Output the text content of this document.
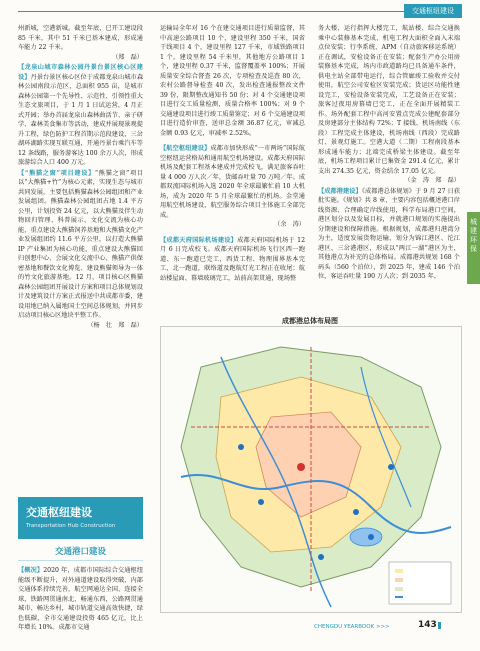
交通枢纽建设

州新城，空港新城。截至年底，已开工建设段 85 千米，其中 51 千米已基本建成，形成通车能力 22 千米。
（郑　磊）

【龙泉山城市森林公园丹景台景区核心区建设】丹景台景区核心区位于成都龙泉山城市森林公园南段示范区，总面积 955 亩，是城市森林公园第一个先导性、示范性、引领性重大生态文旅项目，于 1 月 1 日试运营，4 月正式开园；举办首届龙泉山森林曲活节、亲子研学、森林美食集市等活动，建成并展现景观提升工程，绿色防护工程首期示范段建设，三岔湖环湖路实现互联互通，开通丹景台乘汽车等 12 条线路，服务游客达 100 余万人次，形成旅游综合人口 400 万元。

【“熊猫之窗”项目建设】“熊猫之窗”项目以“大熊猫+竹”为核心元素，实现生态与城市共同发展，主要包括熊猫森林公园组团和产业发展组团。熊猫森林公园组团占地 1.4 平方公里，计划投资 24 亿元，以大熊猫及伴生动物回归管理、科普展示、文化交流为核心功能，重点建设大熊猫饲养基地和大熊猫文化产业发展组团约 11.6 平方公里，以打造大熊猫 IP 产业集团为核心功能，重点建设大熊猫回归创想中心、会展文化交流中心、熊猫产供保密基地和餐饮文化博览、建设熊猫领导为一体的竹文化旅游基地。12 月，项目核心区熊猫森林公园组团开展设计方案和项目总体规划设计及建筑设计方案正式报送中共成都市委，建设用地已纳入属地国土空间总体规划，并同步启动项目核心区地块平整工作。
（杨　壮　郑　磊）

交通枢纽建设
Transportation Hub Construction
交通港口建设

【概况】2020 年，成都市国际综合交通枢纽能级不断提升，对外通道建设取得突破，内部交通体系持续完善，航空网通达全国、连接全球，铁路网贯通南北、畅通东西，公路网贯通城市、畅达乡村，城市轨道交通高效快捷，绿色低碳，全市交通建设投资 465 亿元，比上年增长 10%。成都市交通

运输局全年对 16 个在建交通项目进行质量监督，其中高速公路项目 10 个，建设里程 350 千米，国省干线项目 4 个，建设里程 127 千米，市域铁路项目 1 个，建设里程 54 千米里，其他地方公路项目 1 个，建设里程 0.37 千米，监督覆盖率 100%；开展质量安全综合督查 26 次，专项检查及巡查 80 次，农村公路督导检查 40 次，发出检查通报整改文件 39 份，限期整改通知书 50 份；对 4 个交通建设项目进行交工质量检测，质量合格率 100%；对 9 个交通建设项目进行竣工质量鉴定；对 6 个交通建设项目进行造价审查，送审总金额 36.87 亿元，审减总金额 0.93 亿元，审减率 2.52%。

【航空枢纽建设】成都市加快形成“一市两场”国际航空枢纽运营格局和通用航空机场建设。成都天府国际机场及配套工程基本建成并完成校飞，满足旅客吞吐量 4 000 万人次／年，货邮吞吐量 70 万吨／年。成都双流国际机场入选 2020 年全球最繁忙前 10 大机场，成为 2020 年 5 月全球最繁忙的机场。金堂通用航空机场建设，航空服务综合项目主体施工全部完成。
（余　涛）

【成都天府国际机场建设】成都天府国际机场于 12 月 6 日完成校飞。成都天府国际机场飞行区西一跑道、东一跑道已完工，西货工程、物理围界基本完工，北一跑道，联络道及跑航灯光工程正在收尾；航站楼屋面、幕墙玻璃完工，站前高架贯通，现场整

务大楼、运行指挥大楼完工，航站楼、综合交通换乘中心装修基本完成，机电工程大面积全面入末端点位安装；行李系统、APM（自动旅客移运系统）正在调试，安检设备正在安装；配套生产办公用房装修基本完成，场内市政道路均已具备通车条件，供电主站全部带电运行，综合管廊竣工验收并交付使用，航空公司安检区安装完成；货运区功能性建设完工，安检设备安装完成，工艺设备正在安装；旅客过夜用房幕墙已完工，正在全面开展精装工作。场外配套工程中高河安置点完成公建配套部分及房建部分主体结构 72%；T 接线、机场南线（东段）工程完成主体建设，机场南线（西段）完成路灯、景观灯施工。空港大道（二期）工程南段基本形成通车能力；北端完成桥梁主体建设。截至年底，机场工程项目累计已集资金 291.4 亿元，累计支出 274.35 亿元，资金结余 17.05 亿元。
（金　涛　郑　磊）

【成都港建设】《成都港总体规划》于 9 月 27 日获批实施。《规划》共 8 章，主要内容包括概述港口岸线资源、合理确定岸线使用，科学布局港口空间，港区划分以及发展目标，并就港口规划的实施提出分期建设和保障措施。根据规划，成都港归港湾分为主，适度发展货物运输，划分为锦江港区、沱江港区、三岔港港区，形成以“两江一湖”港区为主，其他港点为补充的总体格局。成都港共规划 168 个码头（560 个泊位），到 2025 年，建成 146 个泊位，客运吞吐量 190 万人次；到 2035 年，

城建环保
成都港总体布局图
CHENGDU YEARBOOK >>>	143
